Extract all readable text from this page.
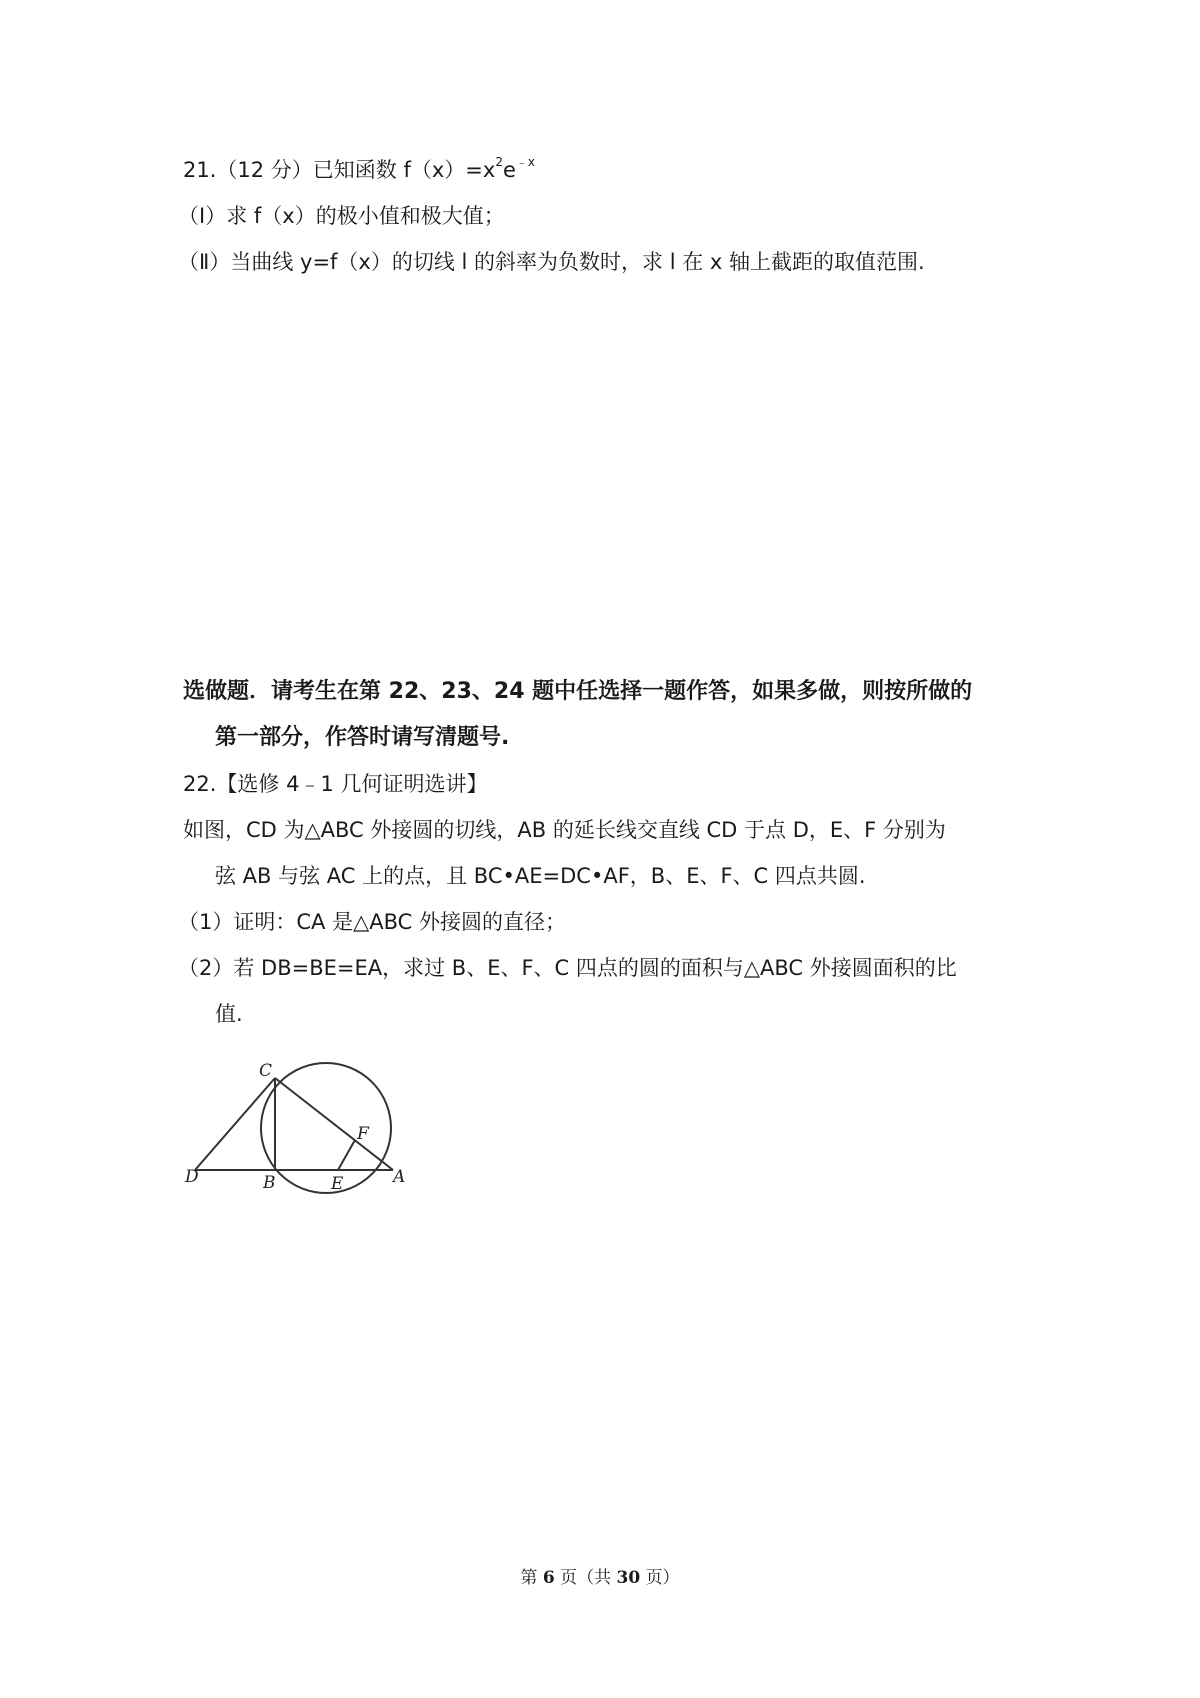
21.（12 分）已知函数 $f(x)=x^2e^{﹣x}$
（Ⅰ）求 f（x）的极小值和极大值；
（Ⅱ）当曲线 y=f（x）的切线 l 的斜率为负数时，求 l 在 x 轴上截距的取值范围.
选做题．请考生在第 22、23、24 题中任选择一题作答，如果多做，则按所做的
第一部分，作答时请写清题号.
22.【选修 4﹣1 几何证明选讲】
如图，CD 为△ABC 外接圆的切线，AB 的延长线交直线 CD 于点 D，E、F 分别为
弦 AB 与弦 AC 上的点，且 BC•AE=DC•AF，B、E、F、C 四点共圆.
（1）证明：CA 是△ABC 外接圆的直径；
（2）若 DB=BE=EA，求过 B、E、F、C 四点的圆的面积与△ABC 外接圆面积的比
值.
C
D	B	E
F
A
第 6 页（共 30 页）
